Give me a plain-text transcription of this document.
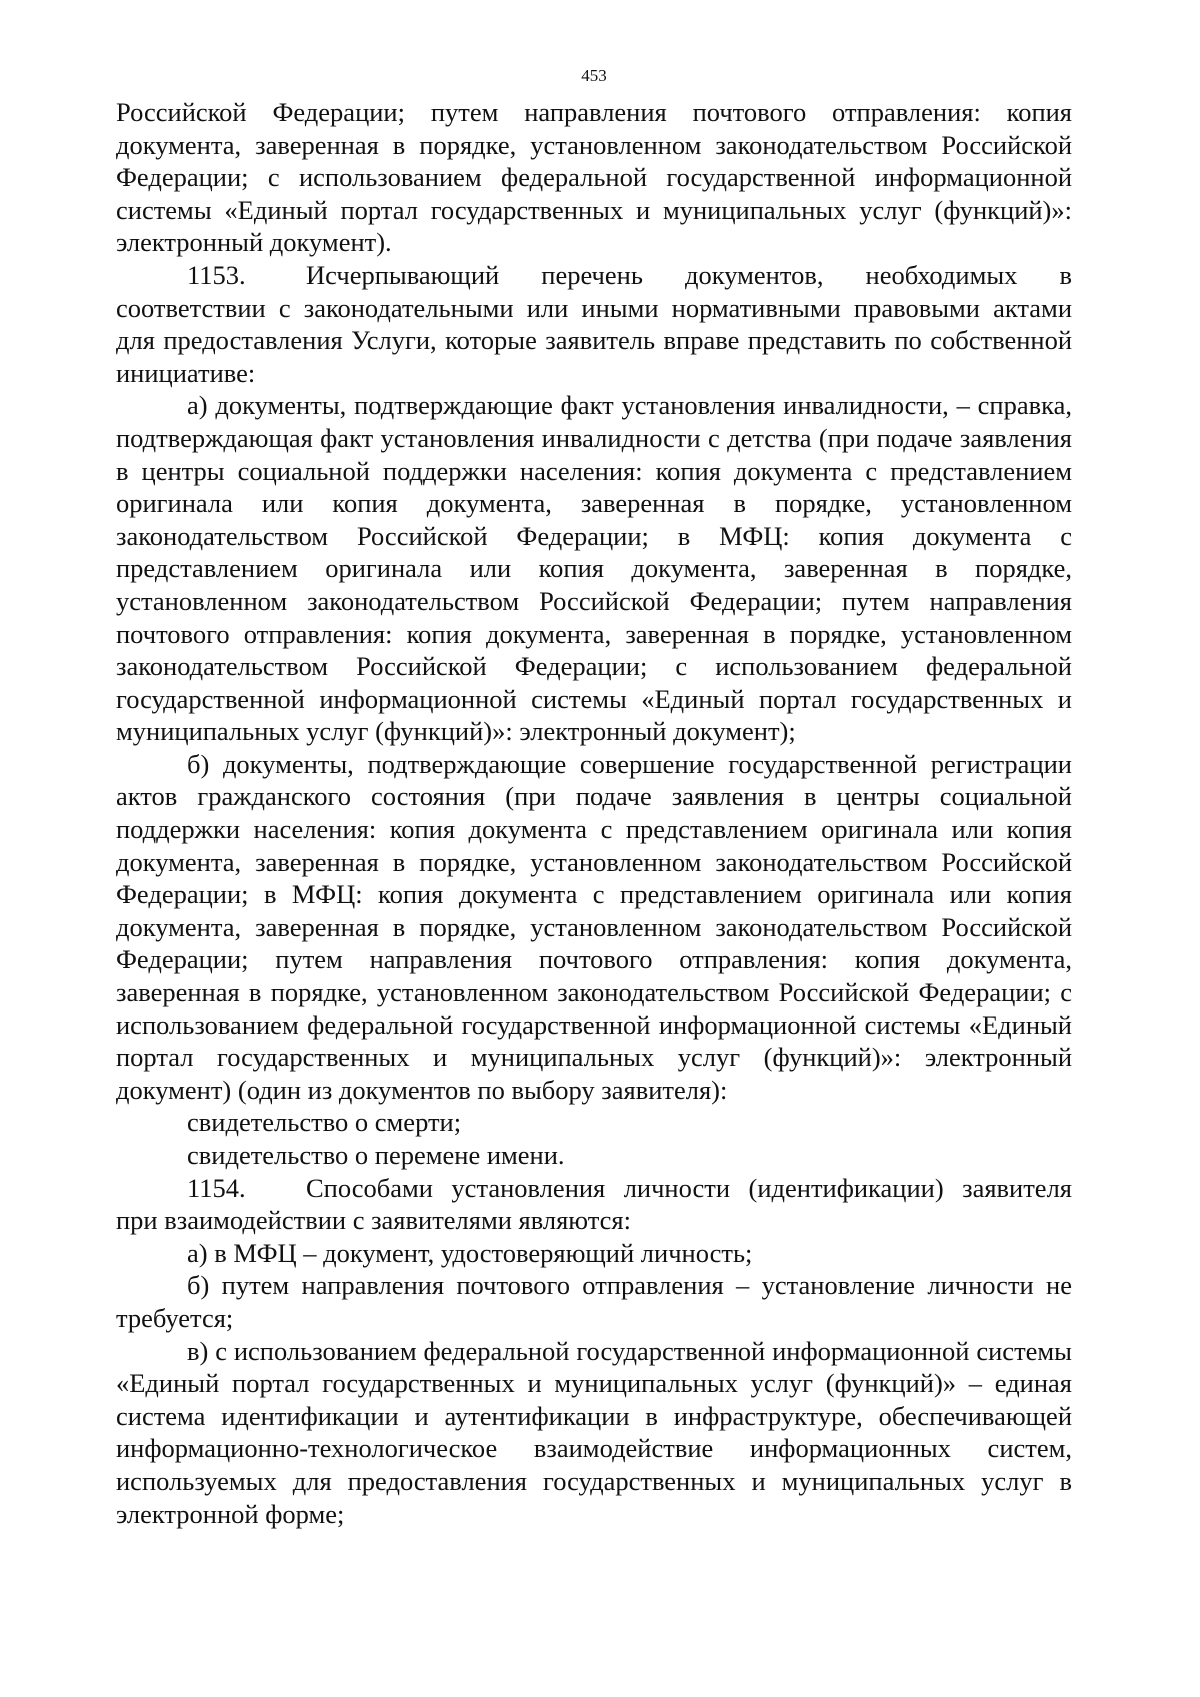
453

Российской Федерации; путем направления почтового отправления: копия документа, заверенная в порядке, установленном законодательством Российской Федерации; с использованием федеральной государственной информационной системы «Единый портал государственных и муниципальных услуг (функций)»: электронный документ).

1153.	Исчерпывающий перечень документов, необходимых в

соответствии с законодательными или иными нормативными правовыми актами для предоставления Услуги, которые заявитель вправе представить по собственной инициативе:

а) документы, подтверждающие факт установления инвалидности, – справка, подтверждающая факт установления инвалидности с детства (при подаче заявления в центры социальной поддержки населения: копия документа с представлением оригинала или копия документа, заверенная в порядке, установленном законодательством Российской Федерации; в МФЦ: копия документа с представлением оригинала или копия документа, заверенная в порядке, установленном законодательством Российской Федерации; путем направления почтового отправления: копия документа, заверенная в порядке, установленном законодательством Российской Федерации; с использованием федеральной государственной информационной системы «Единый портал государственных и муниципальных услуг (функций)»: электронный документ);

б) документы, подтверждающие совершение государственной регистрации актов гражданского состояния (при подаче заявления в центры социальной поддержки населения: копия документа с представлением оригинала или копия документа, заверенная в порядке, установленном законодательством Российской Федерации; в МФЦ: копия документа с представлением оригинала или копия документа, заверенная в порядке, установленном законодательством Российской Федерации; путем направления почтового отправления: копия документа, заверенная в порядке, установленном законодательством Российской Федерации; с использованием федеральной государственной информационной системы «Единый портал государственных и муниципальных услуг (функций)»: электронный документ) (один из документов по выбору заявителя):

свидетельство о смерти;

свидетельство о перемене имени.

1154.	Способами установления личности (идентификации) заявителя

при взаимодействии с заявителями являются:

а) в МФЦ – документ, удостоверяющий личность;

б) путем направления почтового отправления – установление личности не требуется;

в) с использованием федеральной государственной информационной системы «Единый портал государственных и муниципальных услуг (функций)» – единая система идентификации и аутентификации в инфраструктуре, обеспечивающей информационно-технологическое взаимодействие информационных систем, используемых для предоставления государственных и муниципальных услуг в электронной форме;
